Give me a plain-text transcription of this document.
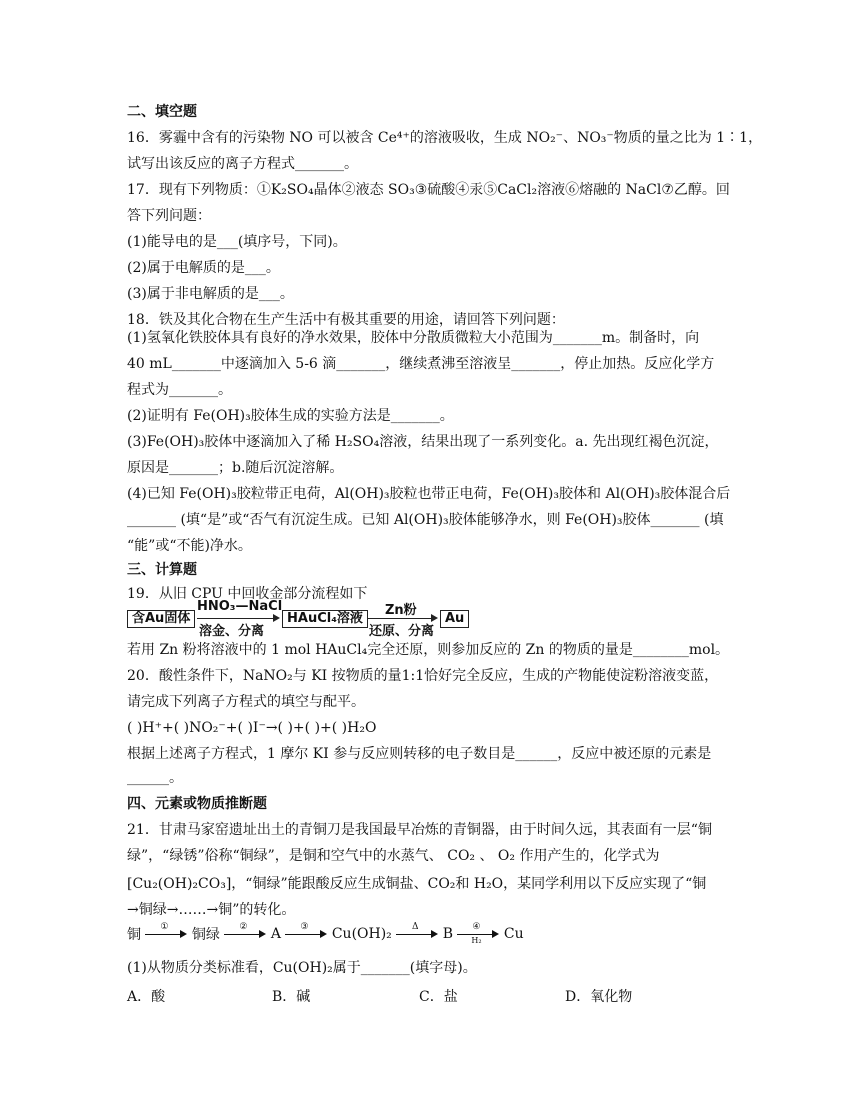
二、填空题
16．雾霾中含有的污染物 NO 可以被含 Ce⁴⁺的溶液吸收，生成 NO₂⁻、NO₃⁻物质的量之比为 1∶1，
试写出该反应的离子方程式_______。
17．现有下列物质：①K₂SO₄晶体②液态 SO₃③硫酸④汞⑤CaCl₂溶液⑥熔融的 NaCl⑦乙醇。回
答下列问题：
(1)能导电的是___(填序号，下同)。
(2)属于电解质的是___。
(3)属于非电解质的是___。
18．铁及其化合物在生产生活中有极其重要的用途，请回答下列问题：
(1)氢氧化铁胶体具有良好的净水效果，胶体中分散质微粒大小范围为_______m。制备时，向
40 mL_______中逐滴加入 5-6 滴_______，继续煮沸至溶液呈_______，停止加热。反应化学方
程式为_______。
(2)证明有 Fe(OH)₃胶体生成的实验方法是_______。
(3)Fe(OH)₃胶体中逐滴加入了稀 H₂SO₄溶液，结果出现了一系列变化。a. 先出现红褐色沉淀，
原因是_______；b.随后沉淀溶解。
(4)已知 Fe(OH)₃胶粒带正电荷，Al(OH)₃胶粒也带正电荷，Fe(OH)₃胶体和 Al(OH)₃胶体混合后
_______ (填“是”或“否气有沉淀生成。已知 Al(OH)₃胶体能够净水，则 Fe(OH)₃胶体_______ (填
“能”或“不能)净水。
三、计算题
19．从旧 CPU 中回收金部分流程如下
含Au固体
HNO₃—NaCl
溶金、分离
HAuCl₄溶液
Zn粉
还原、分离
Au
若用 Zn 粉将溶液中的 1 mol HAuCl₄完全还原，则参加反应的 Zn 的物质的量是________mol。
20．酸性条件下，NaNO₂与 KI 按物质的量1:1恰好完全反应，生成的产物能使淀粉溶液变蓝，
请完成下列离子方程式的填空与配平。
( )H⁺+( )NO₂⁻+( )I⁻→( )+( )+( )H₂O
根据上述离子方程式，1 摩尔 KI 参与反应则转移的电子数目是______，反应中被还原的元素是
______。
四、元素或物质推断题
21．甘肃马家窑遗址出土的青铜刀是我国最早冶炼的青铜器，由于时间久远，其表面有一层“铜
绿”，“绿锈”俗称“铜绿”，是铜和空气中的水蒸气、 CO₂ 、 O₂ 作用产生的，化学式为
[Cu₂(OH)₂CO₃]，“铜绿”能跟酸反应生成铜盐、CO₂和 H₂O，某同学利用以下反应实现了“铜
→铜绿→……→铜”的转化。
铜	①	铜绿	②	A	③	Cu(OH)₂	Δ	B	④
H₂	Cu
(1)从物质分类标准看，Cu(OH)₂属于_______(填字母)。
A．酸	B．碱	C．盐	D．氧化物
